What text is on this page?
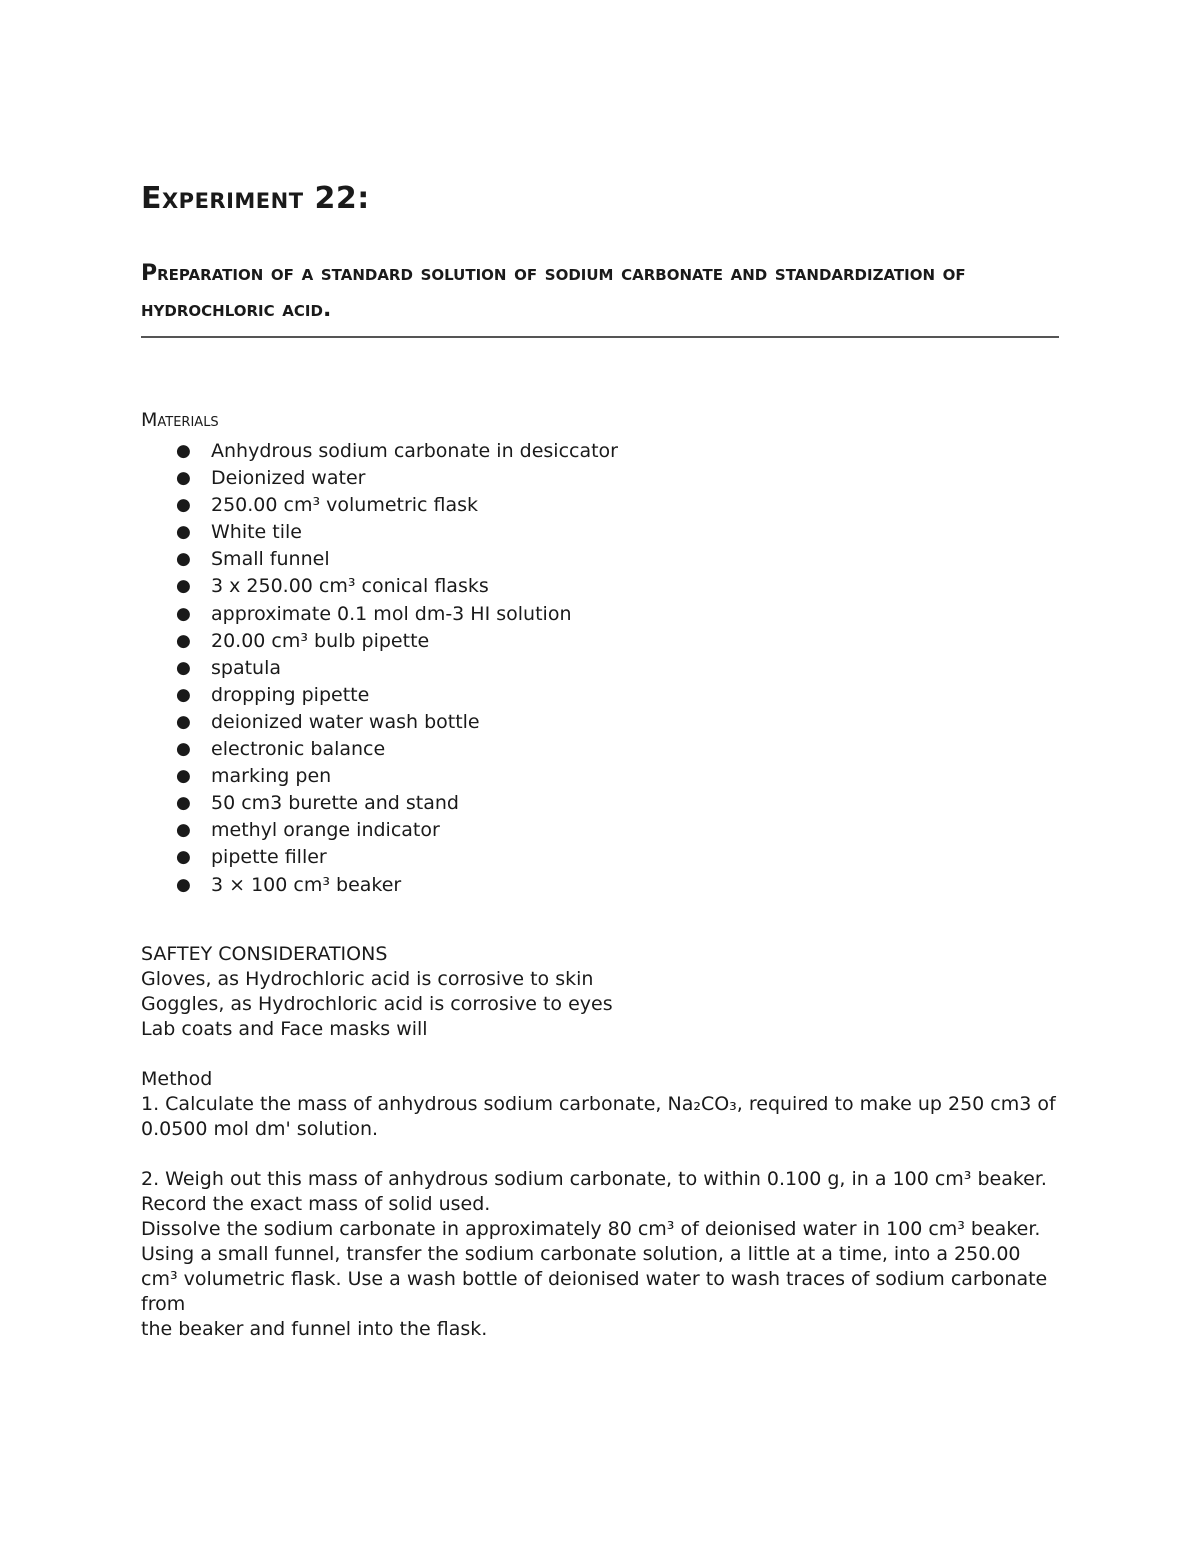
Experiment 22:
Preparation of a standard solution of sodium carbonate and standardization of hydrochloric acid.
Materials
● Anhydrous sodium carbonate in desiccator
● Deionized water
● 250.00 cm³ volumetric flask
● White tile
● Small funnel
● 3 x 250.00 cm³ conical flasks
● approximate 0.1 mol dm-3 HI solution
● 20.00 cm³ bulb pipette
● spatula
● dropping pipette
● deionized water wash bottle
● electronic balance
● marking pen
● 50 cm3 burette and stand
● methyl orange indicator
● pipette filler
● 3 × 100 cm³ beaker

SAFTEY CONSIDERATIONS

Gloves, as Hydrochloric acid is corrosive to skin

Goggles, as Hydrochloric acid is corrosive to eyes

Lab coats and Face masks will

Method

1. Calculate the mass of anhydrous sodium carbonate, Na₂CO₃, required to make up 250 cm3 of 0.0500 mol dm' solution.

2. Weigh out this mass of anhydrous sodium carbonate, to within 0.100 g, in a 100 cm³ beaker. Record the exact mass of solid used.

Dissolve the sodium carbonate in approximately 80 cm³ of deionised water in 100 cm³ beaker. Using a small funnel, transfer the sodium carbonate solution, a little at a time, into a 250.00 cm³ volumetric flask. Use a wash bottle of deionised water to wash traces of sodium carbonate from

the beaker and funnel into the flask.
